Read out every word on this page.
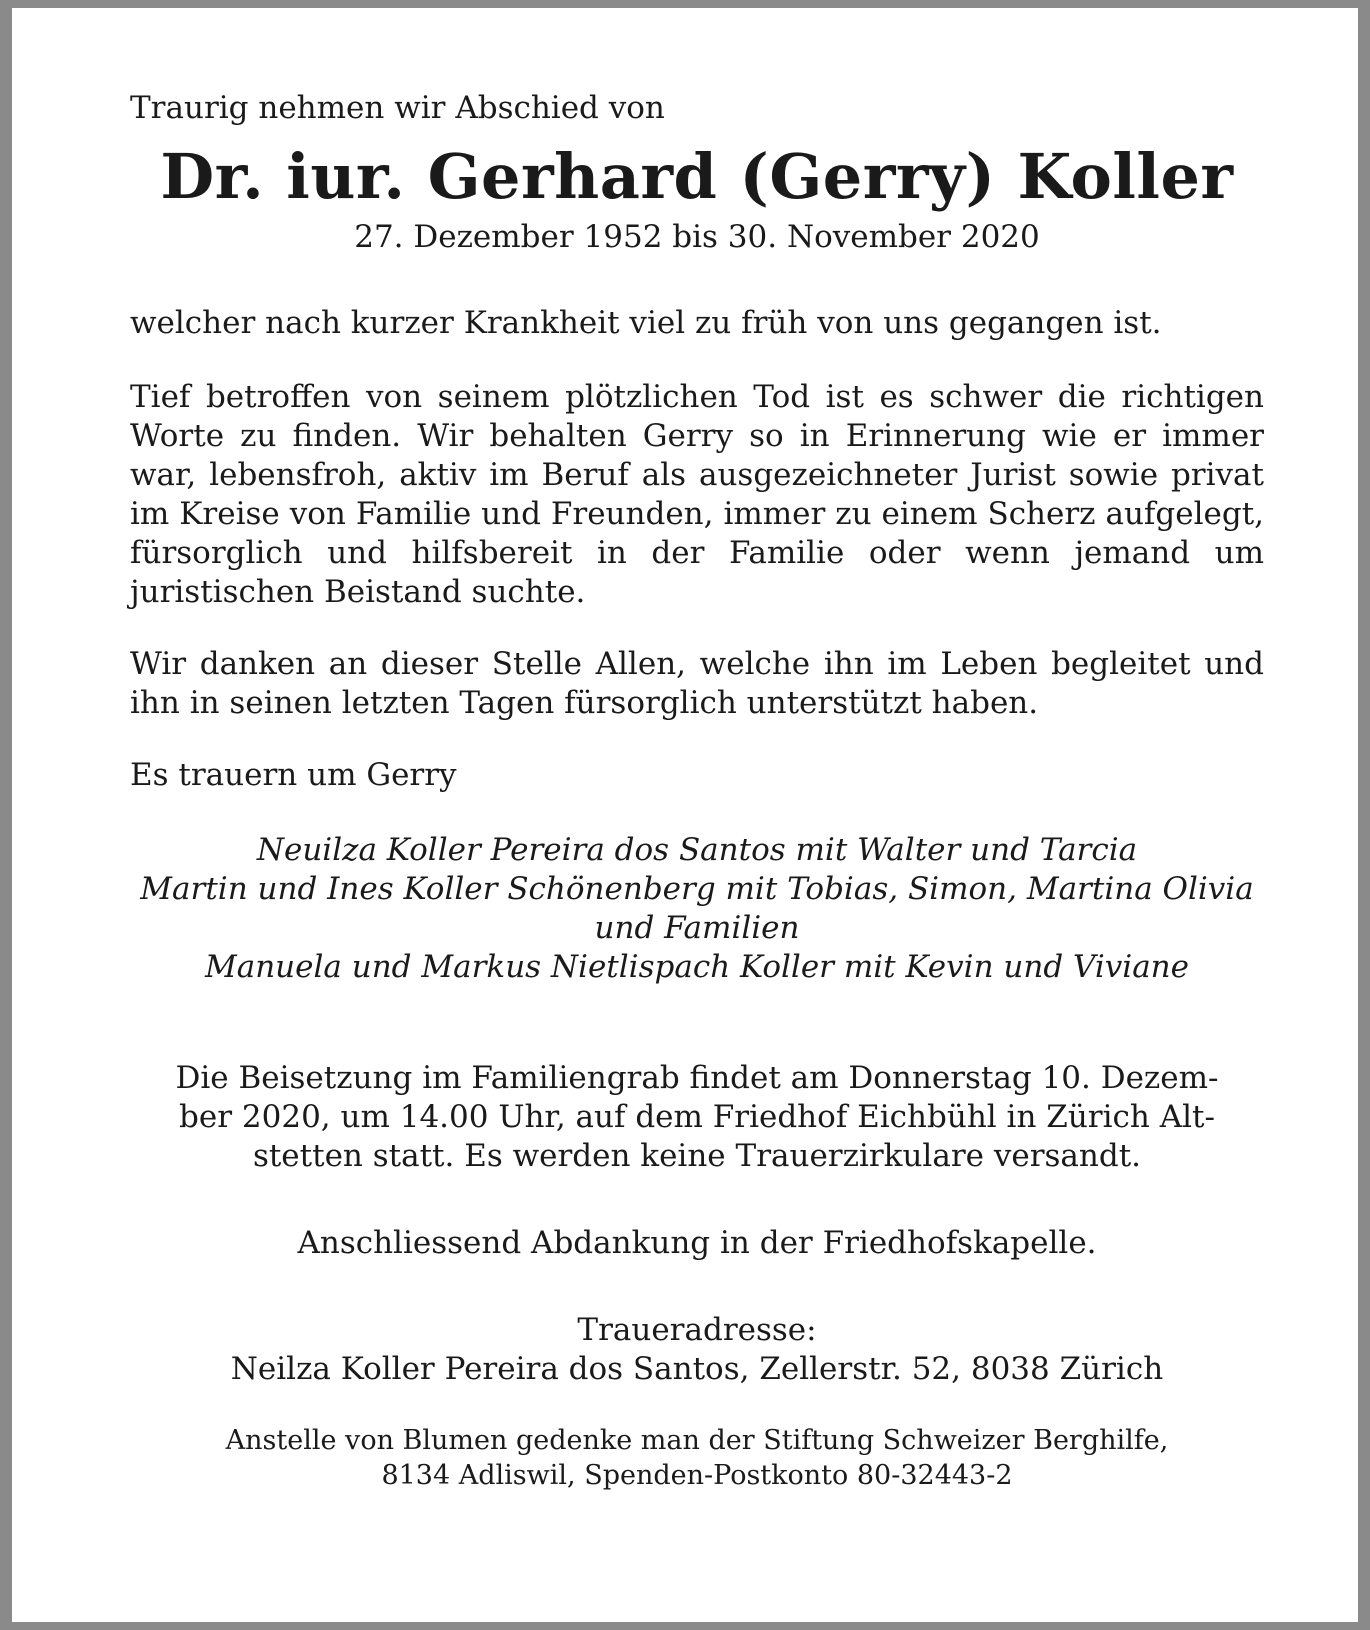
Traurig nehmen wir Abschied von

Dr. iur. Gerhard (Gerry) Koller

27. Dezember 1952 bis 30. November 2020

welcher nach kurzer Krankheit viel zu früh von uns gegangen ist.

Tief betroffen von seinem plötzlichen Tod ist es schwer die richtigen Worte zu finden. Wir behalten Gerry so in Erinnerung wie er immer war, lebensfroh, aktiv im Beruf als ausgezeichneter Jurist sowie privat im Kreise von Familie und Freunden, immer zu einem Scherz aufgelegt, fürsorglich und hilfsbereit in der Familie oder wenn jemand um juristischen Beistand suchte.

Wir danken an dieser Stelle Allen, welche ihn im Leben begleitet und ihn in seinen letzten Tagen fürsorglich unterstützt haben.

Es trauern um Gerry

Neuilza Koller Pereira dos Santos mit Walter und Tarcia

Martin und Ines Koller Schönenberg mit Tobias, Simon, Martina Olivia

und Familien

Manuela und Markus Nietlispach Koller mit Kevin und Viviane

Die Beisetzung im Familiengrab findet am Donnerstag 10. Dezem-

ber 2020, um 14.00 Uhr, auf dem Friedhof Eichbühl in Zürich Alt-

stetten statt. Es werden keine Trauerzirkulare versandt.

Anschliessend Abdankung in der Friedhofskapelle.

Traueradresse:

Neilza Koller Pereira dos Santos, Zellerstr. 52, 8038 Zürich

Anstelle von Blumen gedenke man der Stiftung Schweizer Berghilfe,

8134 Adliswil, Spenden-Postkonto 80-32443-2
